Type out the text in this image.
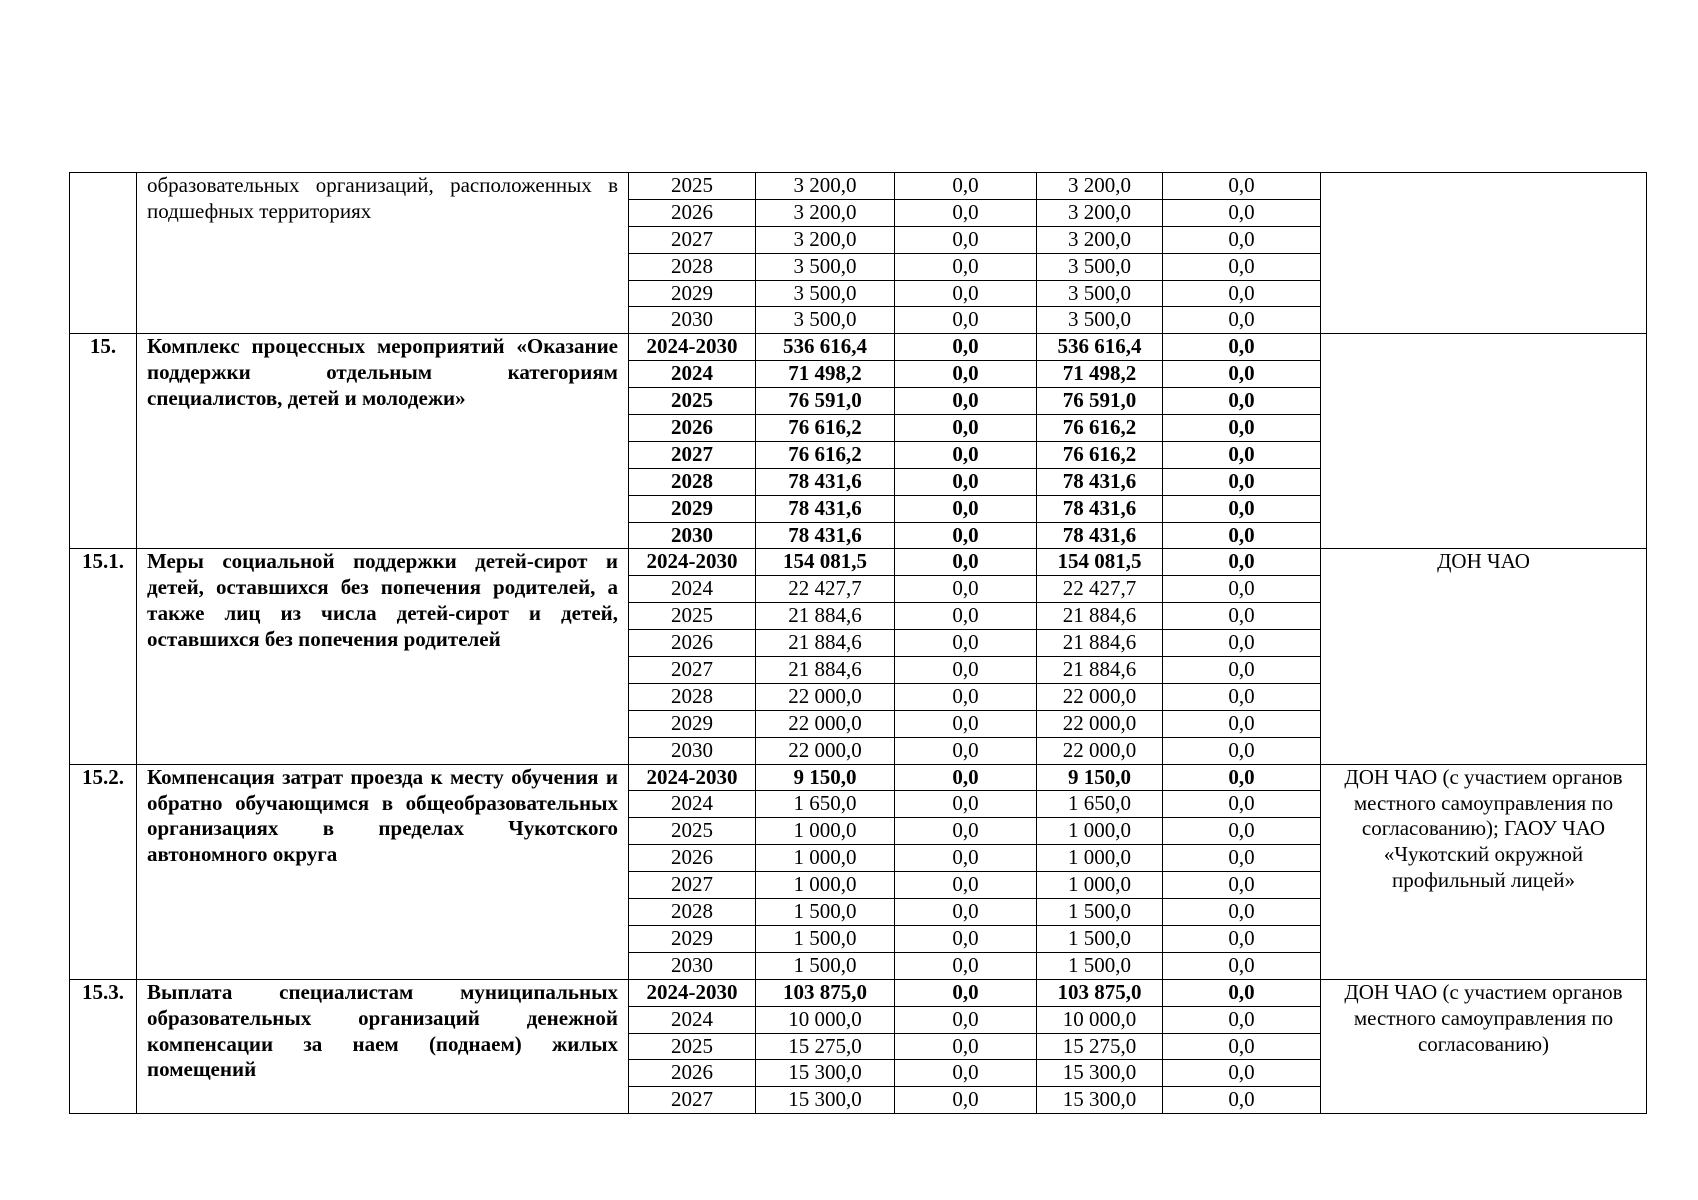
	образовательных организаций, расположенных в подшефных территориях	2025	3 200,0	0,0	3 200,0	0,0	
		2026	3 200,0	0,0	3 200,0	0,0	
		2027	3 200,0	0,0	3 200,0	0,0	
		2028	3 500,0	0,0	3 500,0	0,0	
		2029	3 500,0	0,0	3 500,0	0,0	
		2030	3 500,0	0,0	3 500,0	0,0	
15.	Комплекс процессных мероприятий «Оказание поддержки отдельным категориям специалистов, детей и молодежи»	2024-2030	536 616,4	0,0	536 616,4	0,0	
		2024	71 498,2	0,0	71 498,2	0,0	
		2025	76 591,0	0,0	76 591,0	0,0	
		2026	76 616,2	0,0	76 616,2	0,0	
		2027	76 616,2	0,0	76 616,2	0,0	
		2028	78 431,6	0,0	78 431,6	0,0	
		2029	78 431,6	0,0	78 431,6	0,0	
		2030	78 431,6	0,0	78 431,6	0,0	
15.1.	Меры социальной поддержки детей-сирот и детей, оставшихся без попечения родителей, а также лиц из числа детей-сирот и детей, оставшихся без попечения родителей	2024-2030	154 081,5	0,0	154 081,5	0,0	ДОН ЧАО
		2024	22 427,7	0,0	22 427,7	0,0	
		2025	21 884,6	0,0	21 884,6	0,0	
		2026	21 884,6	0,0	21 884,6	0,0	
		2027	21 884,6	0,0	21 884,6	0,0	
		2028	22 000,0	0,0	22 000,0	0,0	
		2029	22 000,0	0,0	22 000,0	0,0	
		2030	22 000,0	0,0	22 000,0	0,0	
15.2.	Компенсация затрат проезда к месту обучения и обратно обучающимся в общеобразовательных организациях в пределах Чукотского автономного округа	2024-2030	9 150,0	0,0	9 150,0	0,0	ДОН ЧАО (с участием органов местного самоуправления по согласованию); ГАОУ ЧАО «Чукотский окружной профильный лицей»
		2024	1 650,0	0,0	1 650,0	0,0	
		2025	1 000,0	0,0	1 000,0	0,0	
		2026	1 000,0	0,0	1 000,0	0,0	
		2027	1 000,0	0,0	1 000,0	0,0	
		2028	1 500,0	0,0	1 500,0	0,0	
		2029	1 500,0	0,0	1 500,0	0,0	
		2030	1 500,0	0,0	1 500,0	0,0	
15.3.	Выплата специалистам муниципальных образовательных организаций денежной компенсации за наем (поднаем) жилых помещений	2024-2030	103 875,0	0,0	103 875,0	0,0	ДОН ЧАО (с участием органов местного самоуправления по согласованию)
		2024	10 000,0	0,0	10 000,0	0,0	
		2025	15 275,0	0,0	15 275,0	0,0	
		2026	15 300,0	0,0	15 300,0	0,0	
		2027	15 300,0	0,0	15 300,0	0,0	
